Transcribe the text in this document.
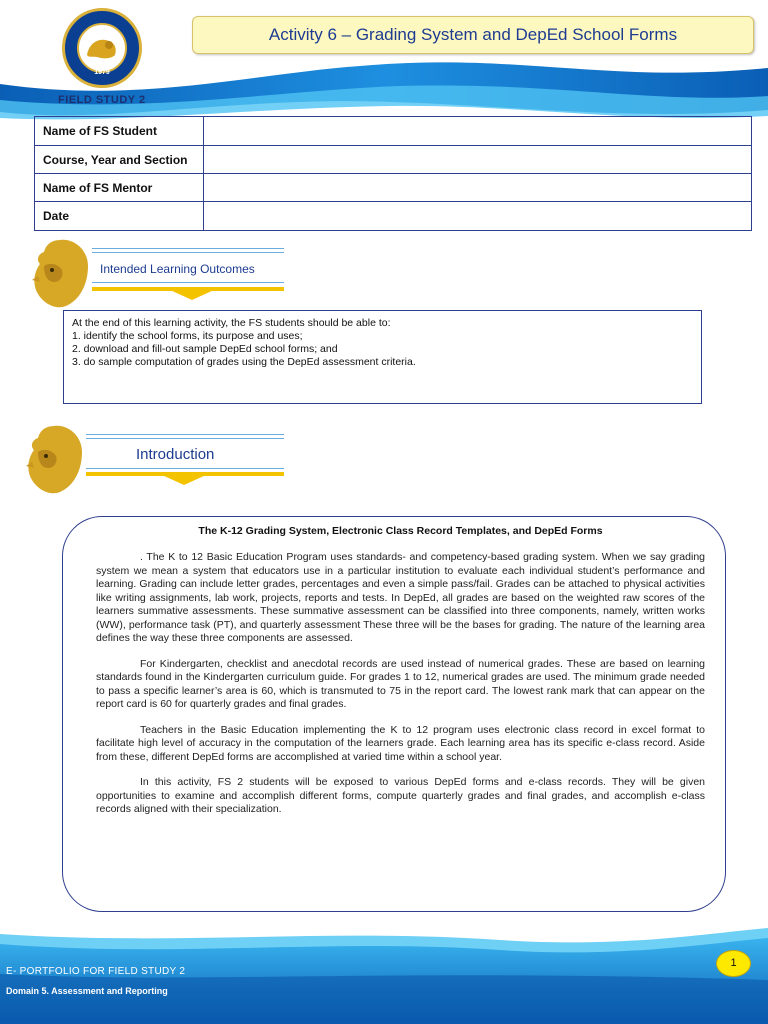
1979
Activity 6 – Grading System and DepEd School Forms
FIELD STUDY 2
Name of FS Student	
Course, Year and Section	
Name of FS Mentor	
Date	
Intended Learning Outcomes
At the end of this learning activity, the FS students should be able to:
1. identify the school forms, its purpose and uses;
2. download and fill-out sample DepEd school forms; and
3. do sample computation of grades using the DepEd assessment criteria.
Introduction
The K-12 Grading System, Electronic Class Record Templates, and DepEd Forms

. The K to 12 Basic Education Program uses standards- and competency-based grading system. When we say grading system we mean a system that educators use in a particular institution to evaluate each individual student’s performance and learning. Grading can include letter grades, percentages and even a simple pass/fail. Grades can be attached to physical activities like writing assignments, lab work, projects, reports and tests. In DepEd, all grades are based on the weighted raw scores of the learners summative assessments. These summative assessment can be classified into three components, namely, written works (WW), performance task (PT), and quarterly assessment These three will be the bases for grading. The nature of the learning area defines the way these three components are assessed.

For Kindergarten, checklist and anecdotal records are used instead of numerical grades. These are based on learning standards found in the Kindergarten curriculum guide. For grades 1 to 12, numerical grades are used. The minimum grade needed to pass a specific learner’s area is 60, which is transmuted to 75 in the report card. The lowest rank mark that can appear on the report card is 60 for quarterly grades and final grades.

Teachers in the Basic Education implementing the K to 12 program uses electronic class record in excel format to facilitate high level of accuracy in the computation of the learners grade. Each learning area has its specific e-class record. Aside from these, different DepEd forms are accomplished at varied time within a school year.

In this activity, FS 2 students will be exposed to various DepEd forms and e-class records. They will be given opportunities to examine and accomplish different forms, compute quarterly grades and final grades, and accomplish e-class records aligned with their specialization.

E- PORTFOLIO FOR FIELD STUDY 2
Domain 5. Assessment and Reporting
1
